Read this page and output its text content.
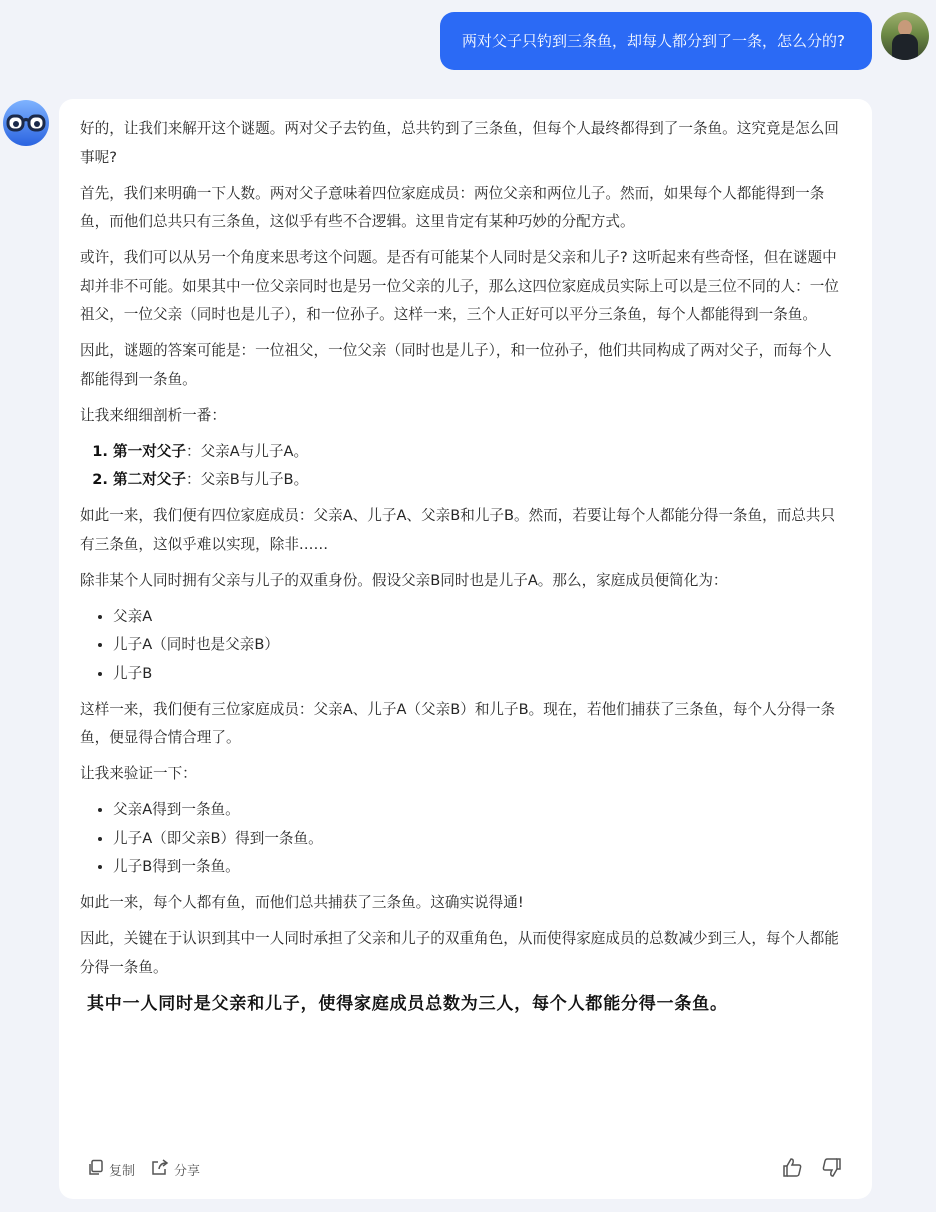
两对父子只钓到三条鱼，却每人都分到了一条，怎么分的?

好的，让我们来解开这个谜题。两对父子去钓鱼，总共钓到了三条鱼，但每个人最终都得到了一条鱼。这究竟是怎么回事呢?

首先，我们来明确一下人数。两对父子意味着四位家庭成员：两位父亲和两位儿子。然而，如果每个人都能得到一条鱼，而他们总共只有三条鱼，这似乎有些不合逻辑。这里肯定有某种巧妙的分配方式。

或许，我们可以从另一个角度来思考这个问题。是否有可能某个人同时是父亲和儿子? 这听起来有些奇怪，但在谜题中却并非不可能。如果其中一位父亲同时也是另一位父亲的儿子，那么这四位家庭成员实际上可以是三位不同的人：一位祖父，一位父亲（同时也是儿子），和一位孙子。这样一来，三个人正好可以平分三条鱼，每个人都能得到一条鱼。

因此，谜题的答案可能是：一位祖父，一位父亲（同时也是儿子），和一位孙子，他们共同构成了两对父子，而每个人都能得到一条鱼。

让我来细细剖析一番：

1. 第一对父子：父亲A与儿子A。
2. 第二对父子：父亲B与儿子B。

如此一来，我们便有四位家庭成员：父亲A、儿子A、父亲B和儿子B。然而，若要让每个人都能分得一条鱼，而总共只有三条鱼，这似乎难以实现，除非……

除非某个人同时拥有父亲与儿子的双重身份。假设父亲B同时也是儿子A。那么，家庭成员便简化为：

• 父亲A
• 儿子A（同时也是父亲B）
• 儿子B

这样一来，我们便有三位家庭成员：父亲A、儿子A（父亲B）和儿子B。现在，若他们捕获了三条鱼，每个人分得一条鱼，便显得合情合理了。

让我来验证一下：

• 父亲A得到一条鱼。
• 儿子A（即父亲B）得到一条鱼。
• 儿子B得到一条鱼。

如此一来，每个人都有鱼，而他们总共捕获了三条鱼。这确实说得通!

因此，关键在于认识到其中一人同时承担了父亲和儿子的双重角色，从而使得家庭成员的总数减少到三人，每个人都能分得一条鱼。

其中一人同时是父亲和儿子，使得家庭成员总数为三人，每个人都能分得一条鱼。
复制	分享
